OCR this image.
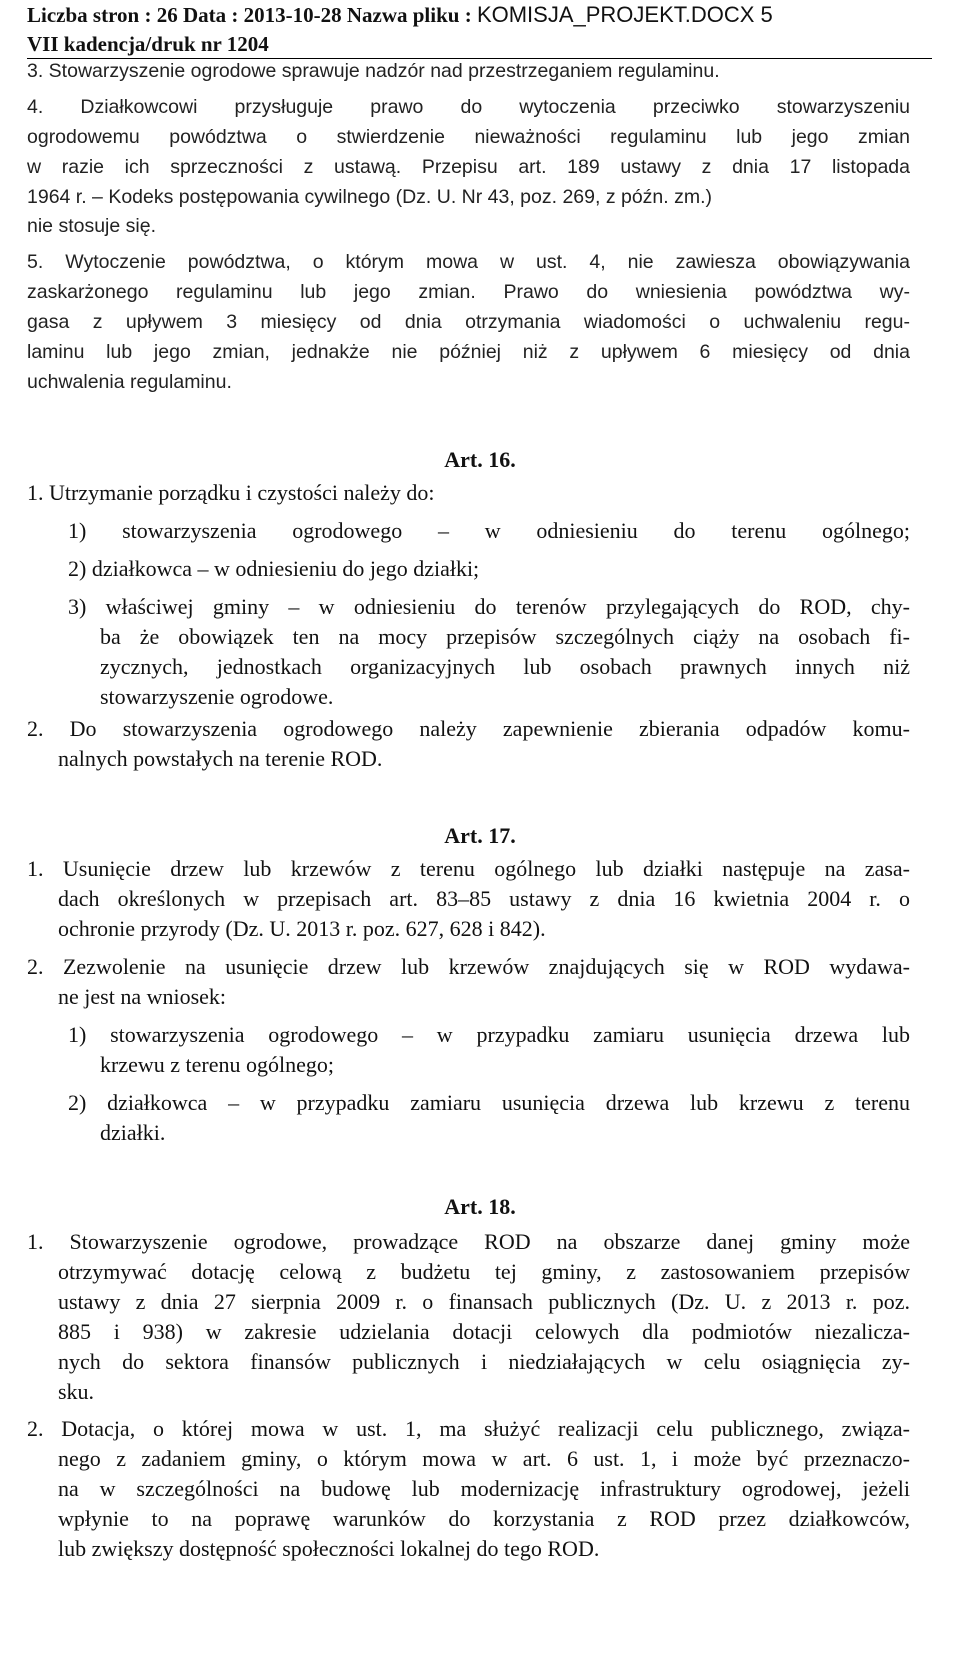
Liczba stron : 26 Data : 2013-10-28 Nazwa pliku : KOMISJA_PROJEKT.DOCX 5
VII kadencja/druk nr 1204
3. Stowarzyszenie ogrodowe sprawuje nadzór nad przestrzeganiem regulaminu.
4. Działkowcowi przysługuje prawo do wytoczenia przeciwko stowarzyszeniu
ogrodowemu powództwa o stwierdzenie nieważności regulaminu lub jego zmian
w razie ich sprzeczności z ustawą. Przepisu art. 189 ustawy z dnia 17 listopada
1964 r. – Kodeks postępowania cywilnego (Dz. U. Nr 43, poz. 269, z późn. zm.)
nie stosuje się.
5. Wytoczenie powództwa, o którym mowa w ust. 4, nie zawiesza obowiązywania
zaskarżonego regulaminu lub jego zmian. Prawo do wniesienia powództwa wy-
gasa z upływem 3 miesięcy od dnia otrzymania wiadomości o uchwaleniu regu-
laminu lub jego zmian, jednakże nie później niż z upływem 6 miesięcy od dnia
uchwalenia regulaminu.
Art. 16.
1. Utrzymanie porządku i czystości należy do:
1) stowarzyszenia ogrodowego – w odniesieniu do terenu ogólnego;
2) działkowca – w odniesieniu do jego działki;
3) właściwej gminy – w odniesieniu do terenów przylegających do ROD, chy-
ba że obowiązek ten na mocy przepisów szczególnych ciąży na osobach fi-
zycznych, jednostkach organizacyjnych lub osobach prawnych innych niż
stowarzyszenie ogrodowe.
2. Do stowarzyszenia ogrodowego należy zapewnienie zbierania odpadów komu-
nalnych powstałych na terenie ROD.
Art. 17.
1. Usunięcie drzew lub krzewów z terenu ogólnego lub działki następuje na zasa-
dach określonych w przepisach art. 83–85 ustawy z dnia 16 kwietnia 2004 r. o
ochronie przyrody (Dz. U. 2013 r. poz. 627, 628 i 842).
2. Zezwolenie na usunięcie drzew lub krzewów znajdujących się w ROD wydawa-
ne jest na wniosek:
1) stowarzyszenia ogrodowego – w przypadku zamiaru usunięcia drzewa lub
krzewu z terenu ogólnego;
2) działkowca – w przypadku zamiaru usunięcia drzewa lub krzewu z terenu
działki.
Art. 18.
1. Stowarzyszenie ogrodowe, prowadzące ROD na obszarze danej gminy może
otrzymywać dotację celową z budżetu tej gminy, z zastosowaniem przepisów
ustawy z dnia 27 sierpnia 2009 r. o finansach publicznych (Dz. U. z 2013 r. poz.
885 i 938) w zakresie udzielania dotacji celowych dla podmiotów niezalicza-
nych do sektora finansów publicznych i niedziałających w celu osiągnięcia zy-
sku.
2. Dotacja, o której mowa w ust. 1, ma służyć realizacji celu publicznego, związa-
nego z zadaniem gminy, o którym mowa w art. 6 ust. 1, i może być przeznaczo-
na w szczególności na budowę lub modernizację infrastruktury ogrodowej, jeżeli
wpłynie to na poprawę warunków do korzystania z ROD przez działkowców,
lub zwiększy dostępność społeczności lokalnej do tego ROD.
